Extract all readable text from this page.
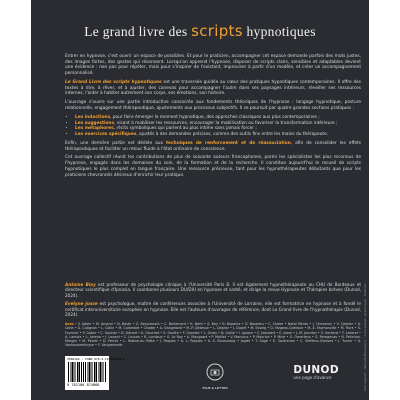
Conception : Rénald Moussard ; Conception graphique : Fabrice...
Le grand livre des scripts hypnotiques

Entrer en hypnose, c'est ouvrir un espace de possibles. Et pour le praticien, accompagner cet espace demande parfois des mots justes, des images fortes, des gestes qui résonnent. Lorsqu'on apprend l'hypnose, disposer de scripts clairs, sensibles et adaptables devient une évidence : non pas pour répéter, mais pour s'inspirer de l'existant, improviser à partir d'un modèle, et créer un accompagnement personnalisé.

Le Grand Livre des scripts hypnotiques est une traversée guidée au cœur des pratiques hypnotiques contemporaines. Il offre des textes à dire, à rêver, et à ajuster, des canevas pour accompagner l'autre dans ses paysages intérieurs, réveiller ses ressources internes, l'aider à habiter autrement son corps, ses émotions, son histoire.

L'ouvrage s'ouvre sur une partie introductive consacrée aux fondements théoriques de l'hypnose : langage hypnotique, posture relationnelle, engagement thérapeutique, ajustements aux processus subjectifs. Il se poursuit par quatre grandes sections pratiques :

• Les inductions, pour faire émerger le moment hypnotique, des approches classiques aux plus contemporaines ;
• Les suggestions, visant à mobiliser les ressources, encourager la mobilisation ou favoriser la transformation intérieure ;
• Les métaphores, récits symboliques qui parlent au plus intime sans jamais forcer ;
• Les exercices spécifiques, ajustés à des demandes précises, comme des outils fins entre les mains du thérapeute.

Enfin, une dernière partie est dédiée aux techniques de renforcement et de réassociation, afin de consolider les effets thérapeutiques et faciliter un retour fluide à l'état ordinaire de conscience.

Cet ouvrage collectif réunit les contributions de plus de soixante auteurs francophones, parmi les spécialistes les plus reconnus de l'hypnose, engagés dans les domaines du soin, de la formation et de la recherche. Il constitue aujourd'hui le recueil de scripts hypnotiques le plus complet en langue française. Une ressource précieuse, tant pour les hypnothérapeutes débutants que pour les praticiens chevronnés désireux d'enrichir leur pratique.

Antoine Bioy est professeur de psychologie clinique à l'Université Paris 8. Il est également hypnothérapeute au CHU de Bordeaux et directeur scientifique d'Ipnosia. Il coordonne plusieurs DU/DIU en hypnose et santé, et dirige la revue Hypnose et Thérapies brèves (Dunod, 2024).

Evelyne Josse est psychologue, maître de conférences associée à l'Université de Lorraine, elle est formatrice en hypnose et à fondé le certificat interuniversitaire européen en hypnose. Elle est l'auteure d'ouvrages de référence, dont Le Grand livre de l'hypnothérapie (Dunod, 2024).

Avec : V. Adam • M. Amand • N. Baste • G. Beaurenaut • C. Berlemont • K. Bertl • A. Bey • B. Bopame • G. Bosseau • C. Chaler • Natal Mente • J. Chevenec • V. Coenen • A. Cohe • G. Colignon • L. Collin • M. Colombet • Chader • A. Dangeland • M.-P. Dekesse • L. Deprez • J. Dupré • M. Esseig • D. Fargeas-Quéroue • M.-E. Faymonville • M. Fiore • S. Fournier • P. Gaber • C. Gautier • D. Gérard • A. Geuchet • S. Goutte • F. Grondet • L. Gross • N. Gutte • I. Ignace • C. Jeanbert • E. Josse • J.-M. Jourdan • O. Kerkerd • T. Lalloret • A. Lamvia • L. Lereno • J. Lovard • C. Lussan • R. Lumiaux • G. Le Roy • A. Maugaart • P. Maillet • V. Marcoux • P. Maurice • P. Mine • G. Omariano • G. Peregrinas • N. Pelichon-Mangin • M. Perret • D. Perrot • L. Robine-du Potte • J. Roques • A. L. Roques • A. S. Rouaurang • Joglet • T. Sage • E. Soutrenon • C. Steffens-Oleaves • J. Turner • A. Vanhauwenhuyse • F. Vangreumde
3568162 · ISBN 978-2-10-087406-6
9 782100 874066
FILM & LETTER
DUNOD
une page d'avance
